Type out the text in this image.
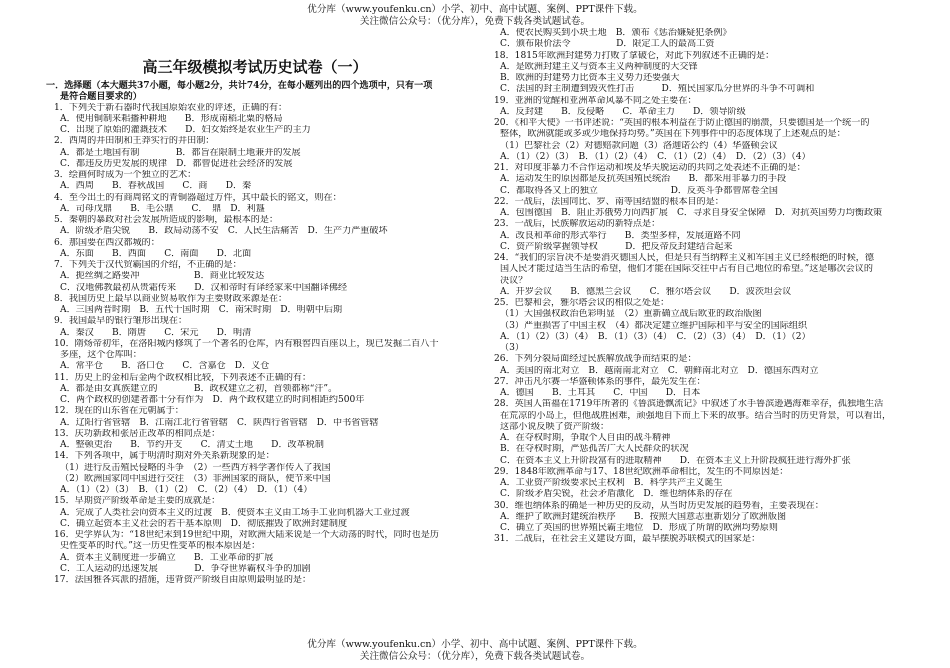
优分库（www.youfenku.cn）小学、初中、高中试题、案例、PPT课件下载。
关注微信公众号：（优分库），免费下载各类试题试卷。
高三年级模拟考试历史试卷（一）
一．选择题（本大题共37小题，每小题2分，共计74分，在每小题列出的四个选项中，只有一项
是符合题目要求的）
1．下列关于新石器时代我国原始农业的评述，正确的有：
A．使用铜制来耜播种耕地　　B．形成南稻北粟的格局
C．出现了原始的灌溉技术　　D．妇女始终是农业生产的主力
2．西周的井田制和王莽实行的井田制：
A．都是土地国有制　　　　B．都旨在限制土地兼并的发展
C．都违反历史发展的规律　D．都曾促进社会经济的发展
3．绘画何时成为一个独立的艺术：
A．西周　　B．春秋战国　　C．商　　D．秦
4．至今出土的有商周铭文的青铜器超过万件，其中最长的铭文，则在：
A．司母戊鼎　　B．毛公鼎　　C．　鼎　D．利簋
5．秦朝的暴政对社会发展所造成的影响，最根本的是：
A．阶级矛盾尖锐　　B．政局动荡不安　C．人民生活痛苦　D．生产力严重破坏
6．那国要在西汉都城的：
A．东面　　B．西面　　C．南面　　D．北面
7．下列关于汉代贸霸国的介绍，不正确的是：
A．扼丝绸之路要冲　　　　　　B．商业比较发达
C．汉地佛教最初从贵霜传来　　D．汉和帝时有译经家来中国翻译佛经
8．我国历史上最早以商业贸易收作为主要财政来源是在：
A．三国两晋时期　B．五代十国时期　C．南宋时期　D．明朝中后期
9．我国最早的银行雏形出现在：
A．秦汉　　B．隋唐　　C．宋元　　D．明清
10．隋炀帝初年，在洛阳城内修筑了一个著名的仓库，内有粮窖四百座以上，现已发掘二百八十
多座，这个仓库叫：
A．常平仓　　B．洛口仓　　C．含嘉仓　D．义仓
11．历史上的金和后金两个政权相比较，下列表述不正确的有：
A．都是由女真族建立的　　　　B．政权建立之初，首领都称“汗”。
C．两个政权的创建者都十分有作为　D．两个政权建立的时间相距约500年
12．现在的山东省在元朝属于：
A．辽阳行省管辖　B．江南江北行省管辖　C．陕西行省管辖　D．中书省管辖
13．庆功新政和张居正改革的相同点是：
A．整顿吏治　　B．节约开支　　C．清丈土地　　D．改革税制
14．下列各项中，属于明清时期对外关系新现象的是：
（1）进行反击殖民侵略的斗争　（2）一些西方科学著作传入了我国
（2）欧洲国家同中国进行交往　（3）非洲国家的商队，使节来中国
A．（1）（2）（3）　B．（1）（2）　C．（2）（4）　D．（1）（4）
15．早期资产阶级革命是主要的成就是：
A．完成了人类社会向资本主义的过渡　B．使资本主义由工场手工业向机器大工业过渡
C．确立起资本主义社会的若干基本原则　D．彻底摧毁了欧洲封建制度
16．史学界认为：“18世纪末到19世纪中期，对欧洲大陆来说是一个大动荡的时代，同时也是历
史性变革的时代。”这一历史性变革的根本原因是：
A．资本主义制度进一步确立　　B．工业革命的扩展
C．工人运动的迅速发展　　　　D．争夺世界霸权斗争的加剧
17．法国雅各宾派的措施，违背资产阶级自由原则最明显的是：
A．使农民购买到小块土地　B．颁布《惩治嫌疑犯条例》
C．颁布限价法令　　　　　D．限定工人的最高工资
18．1815年欧洲封建势力打败了拿破仑，对此下列叙述不正确的是：
A．是欧洲封建主义与资本主义两种制度的大交锋
B．欧洲的封建势力比资本主义势力还要强大
C．法国的封主制遭到毁灭性打击　　　D．殖民国家瓜分世界的斗争不可调和
19．亚洲的觉醒和亚洲革命风暴不同之处主要在：
A．反封建　　B．反侵略　　C．革命主力　　D．领导阶级
20．《和平大使》一书评述说：“英国的根本利益在于防止德国的崩溃，只要德国是一个统一的
整体，欧洲就能或多或少地保持均势。”英国在下列事件中的态度体现了上述观点的是：
（1）巴黎社会（2）对德赔款问题（3）洛迦诺公约（4）华盛顿会议
A．（1）（2）（3）　B．（1）（2）（4）　C．（1）（2）（4）　D．（2）（3）（4）
21．对印度非暴力不合作运动和埃及华夫脱运动的共同之处表述不正确的是：
A．运动发生的原因都是反抗英国殖民统治　　B．都采用非暴力的手段
C．都取得各又上的独立　　　　　　　　D．反英斗争都曾席卷全国
22．一战后，法国同比、罗、南等国结盟的根本目的是：
A．包围德国　B．阻止苏俄势力向西扩展　C．寻求自身安全保障　D．对抗英国势力均衡政策
23．一战后，民族解放运动的新特点是：
A．改良和革命的形式举行　　B．类型多样，发展道路不同
C．资产阶级掌握领导权　　　D．把反帝反封建结合起来
24．“我们的宗旨决不是要消灭德国人民，但是只有当纳粹主义和军国主义已经根绝的时候，德
国人民才能过适当生活的希望，他们才能在国际交往中占有自己地位的希望。”这是哪次会议的
决议？
A．开罗会议　　B．德黑兰会议　　C．雅尔塔会议　　D．波茨坦会议
25．巴黎和会，雅尔塔会议的相似之处是：
（1）大国强权政治色彩明显　（2）重新确立战后欧亚的政治版图
（3）严重损害了中国主权　（4）都决定建立维护国际和平与安全的国际组织
A．（1）（2）（3）（4）　B．（1）（3）（4）　C．（2）（3）（4）　D．（1）（2）
（3）
26．下列分裂局面经过民族解放战争而结束的是：
A．美国的南北对立　B．越南南北对立　C．朝鲜南北对立　D．德国东西对立
27．冲击凡尔赛一华盛顿体系的事件，最先发生在：
A．德国　　B．土耳其　　C．中国　　D．日本
28．英国人笛福在1719年所著的《鲁滨逊飘流记》中叙述了水手鲁滨逊遇海难幸存，孤独地生活
在荒凉的小岛上，但他战胜困难，顽强地自下而上下来的故事。结合当时的历史背景，可以看出，
这部小说反映了资产阶级：
A．在夺权时期，争取个人自由的战斗精神
B．在夺权时期，严惩孤苦广大人民群众的状况
C．在资本主义上升阶段富有的进取精神　　D．在资本主义上升阶段疯狂进行海外扩张
29．1848年欧洲革命与17、18世纪欧洲革命相比，发生的不同原因是：
A．工业资产阶级要求民主权利　B．科学共产主义诞生
C．阶级矛盾尖锐，社会矛盾激化　D．维也纳体系的存在
30．维也纳体系的确是一种历史的反动，从当时历史发展的趋势看，主要表现在：
A．维护了欧洲封建统治秩序　　B．按照大国意志重新划分了欧洲版图
C．确立了英国的世界殖民霸主地位　D．形成了所谓的欧洲均势原则
31．二战后，在社会主义建设方面，最早摆脱苏联模式的国家是：
优分库（www.youfenku.cn）小学、初中、高中试题、案例、PPT课件下载。
关注微信公众号：（优分库），免费下载各类试题试卷。
